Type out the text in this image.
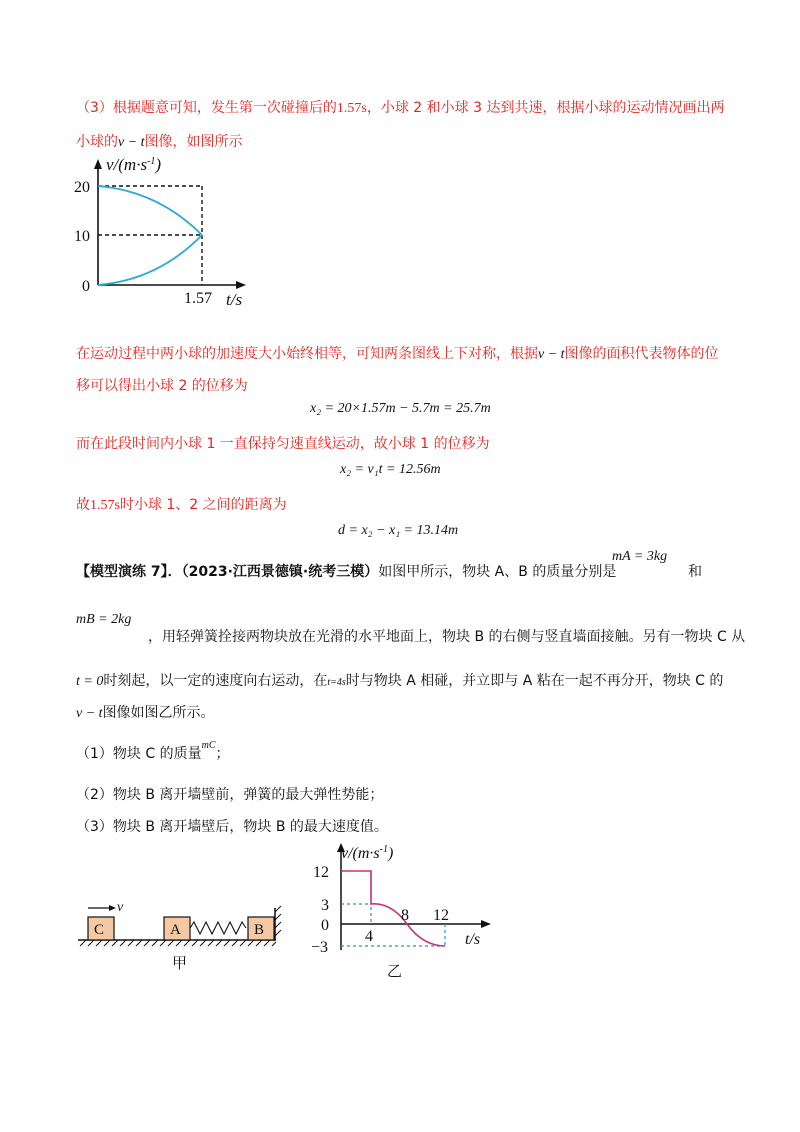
（3）根据题意可知，发生第一次碰撞后的1.57s，小球 2 和小球 3 达到共速，根据小球的运动情况画出两
小球的v − t图像，如图所示
$v/(m\cdot s^{-1})$
20
10
0
1.57 t/s
在运动过程中两小球的加速度大小始终相等，可知两条图线上下对称，根据v − t图像的面积代表物体的位
移可以得出小球 2 的位移为
x₂ = 20×1.57m − 5.7m = 25.7m
而在此段时间内小球 1 一直保持匀速直线运动，故小球 1 的位移为
x₂ = v₁t = 12.56m
故1.57s时小球 1、2 之间的距离为
d = x₂ − x₁ = 13.14m
【模型演练 7】．（2023·江西景德镇·统考三模）如图甲所示，物块 A、B 的质量分别是
mA = 3kg
和
mB = 2kg
，用轻弹簧拴接两物块放在光滑的水平地面上，物块 B 的右侧与竖直墙面接触。另有一物块 C 从
t = 0时刻起，以一定的速度向右运动，在t=4s时与物块 A 相碰，并立即与 A 粘在一起不再分开，物块 C 的
v − t图像如图乙所示。
（1）物块 C 的质量$^{mC}$；
（2）物块 B 离开墙壁前，弹簧的最大弹性势能；
（3）物块 B 离开墙壁后，物块 B 的最大速度值。
C
v
A	B
甲
$v/(m\cdot s^{-1})$
12
3
0
−3
4
8 12
t/s
乙
